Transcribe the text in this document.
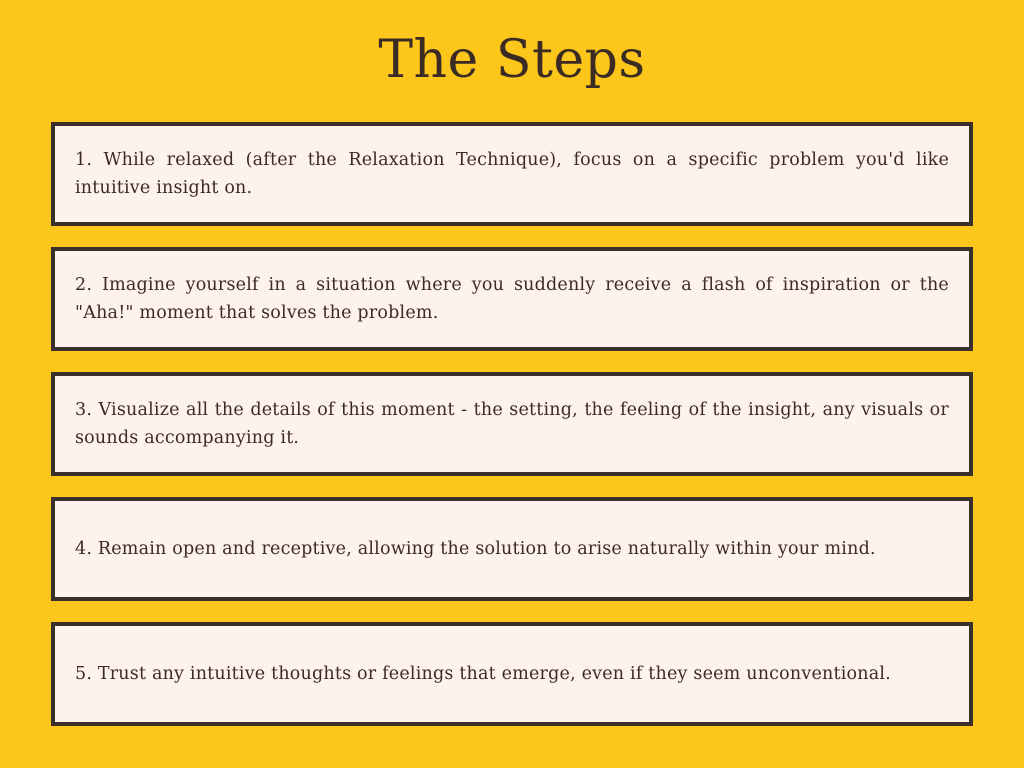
The Steps
1. While relaxed (after the Relaxation Technique), focus on a specific problem you'd like intuitive insight on.
2. Imagine yourself in a situation where you suddenly receive a flash of inspiration or the "Aha!" moment that solves the problem.
3. Visualize all the details of this moment - the setting, the feeling of the insight, any visuals or sounds accompanying it.
4. Remain open and receptive, allowing the solution to arise naturally within your mind.
5. Trust any intuitive thoughts or feelings that emerge, even if they seem unconventional.
